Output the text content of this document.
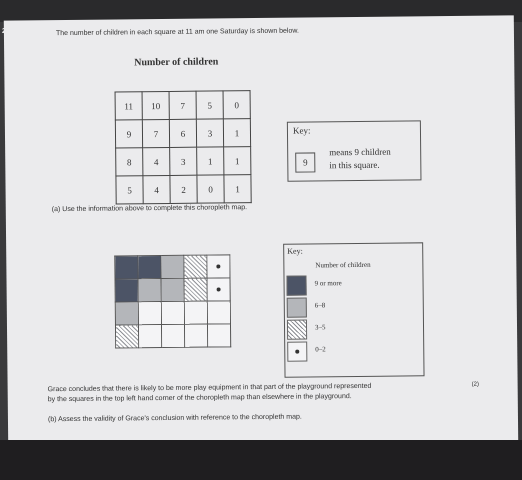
The number of children in each square at 11 am one Saturday is shown below.
Number of children
11	10	7	5	0
9	7	6	3	1
8	4	3	1	1
5	4	2	0	1
Key:
9
means 9 children
in this square.
(a) Use the information above to complete this choropleth map.

Key:
Number of children
9 or more
6–8
3–5
0–2
(2)
Grace concludes that there is likely to be more play equipment in that part of the playground represented
by the squares in the top left hand corner of the choropleth map than elsewhere in the playground.
(b) Assess the validity of Grace's conclusion with reference to the choropleth map.
